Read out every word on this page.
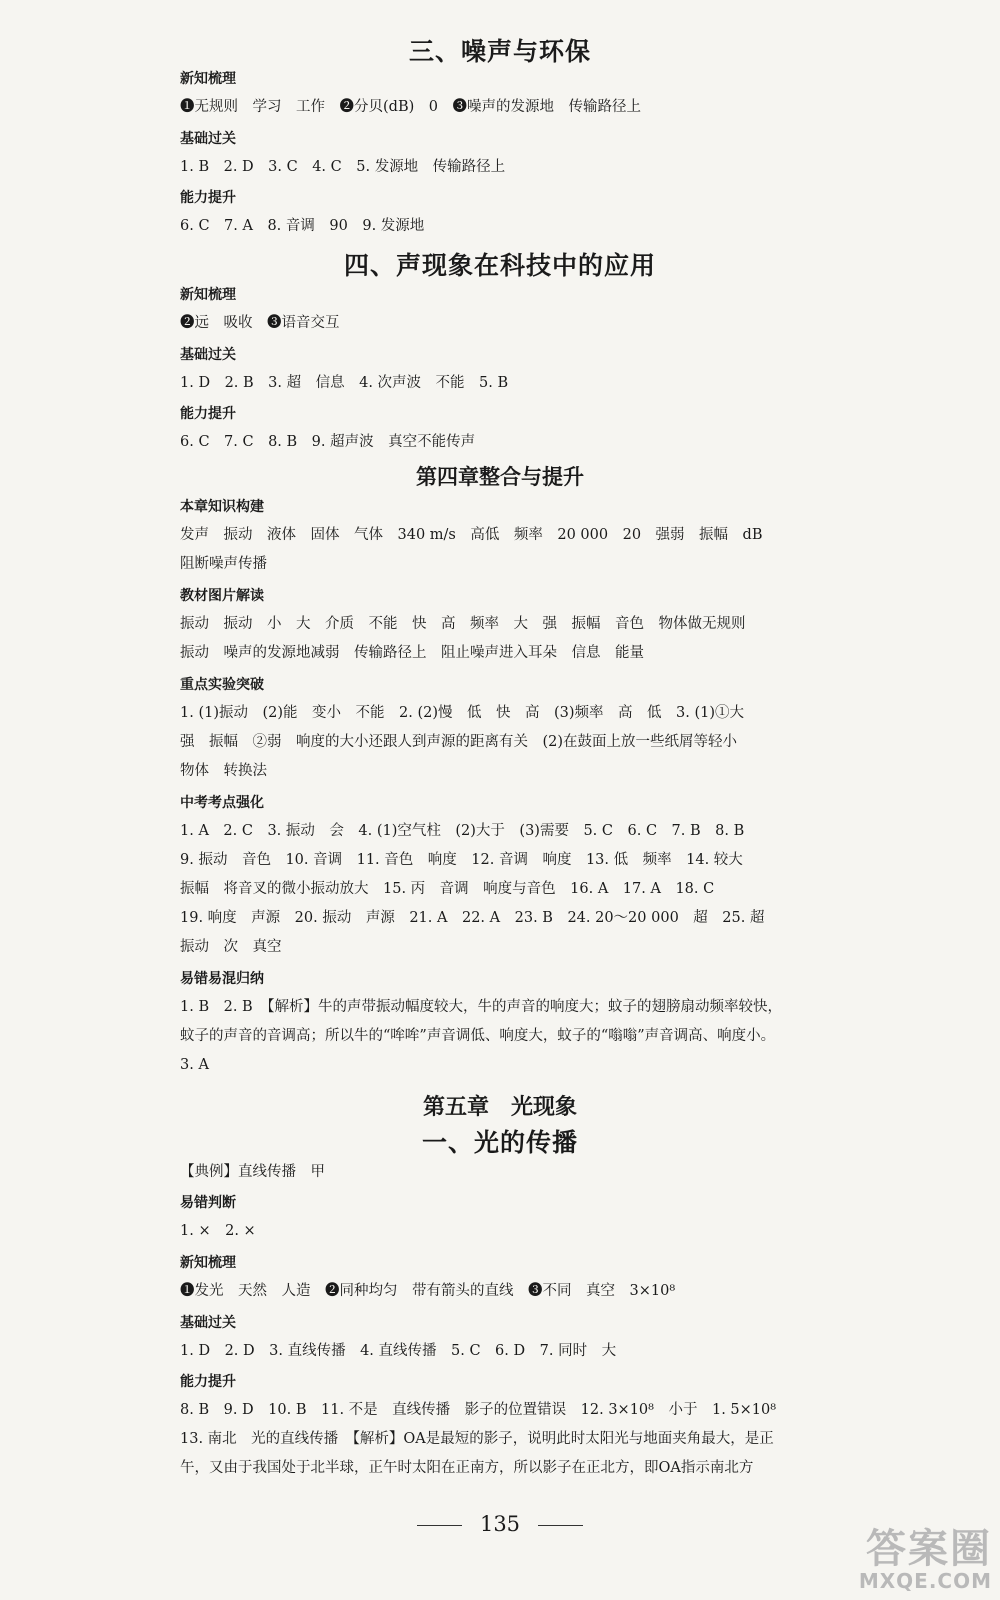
三、噪声与环保
新知梳理
❶无规则　学习　工作　❷分贝(dB)　0　❸噪声的发源地　传输路径上
基础过关
1. B　2. D　3. C　4. C　5. 发源地　传输路径上
能力提升
6. C　7. A　8. 音调　90　9. 发源地
四、声现象在科技中的应用
新知梳理
❷远　吸收　❸语音交互
基础过关
1. D　2. B　3. 超　信息　4. 次声波　不能　5. B
能力提升
6. C　7. C　8. B　9. 超声波　真空不能传声
第四章整合与提升
本章知识构建
发声　振动　液体　固体　气体　340 m/s　高低　频率　20 000　20　强弱　振幅　dB
阻断噪声传播
教材图片解读
振动　振动　小　大　介质　不能　快　高　频率　大　强　振幅　音色　物体做无规则
振动　噪声的发源地减弱　传输路径上　阻止噪声进入耳朵　信息　能量
重点实验突破
1. (1)振动　(2)能　变小　不能　2. (2)慢　低　快　高　(3)频率　高　低　3. (1)①大
强　振幅　②弱　响度的大小还跟人到声源的距离有关　(2)在鼓面上放一些纸屑等轻小
物体　转换法
中考考点强化
1. A　2. C　3. 振动　会　4. (1)空气柱　(2)大于　(3)需要　5. C　6. C　7. B　8. B
9. 振动　音色　10. 音调　11. 音色　响度　12. 音调　响度　13. 低　频率　14. 较大
振幅　将音叉的微小振动放大　15. 丙　音调　响度与音色　16. A　17. A　18. C
19. 响度　声源　20. 振动　声源　21. A　22. A　23. B　24. 20～20 000　超　25. 超
振动　次　真空
易错易混归纳
1. B　2. B　【解析】牛的声带振动幅度较大，牛的声音的响度大；蚊子的翅膀扇动频率较快，
蚊子的声音的音调高；所以牛的“哞哞”声音调低、响度大，蚊子的“嗡嗡”声音调高、响度小。
3. A
第五章　光现象
一、光的传播
【典例】直线传播　甲
易错判断
1. ×　2. ×
新知梳理
❶发光　天然　人造　❷同种均匀　带有箭头的直线　❸不同　真空　3×10⁸
基础过关
1. D　2. D　3. 直线传播　4. 直线传播　5. C　6. D　7. 同时　大
能力提升
8. B　9. D　10. B　11. 不是　直线传播　影子的位置错误　12. 3×10⁸　小于　1. 5×10⁸
13. 南北　光的直线传播　【解析】OA是最短的影子，说明此时太阳光与地面夹角最大，是正
午，又由于我国处于北半球，正午时太阳在正南方，所以影子在正北方，即OA指示南北方
135
答案圈
MXQE.COM
